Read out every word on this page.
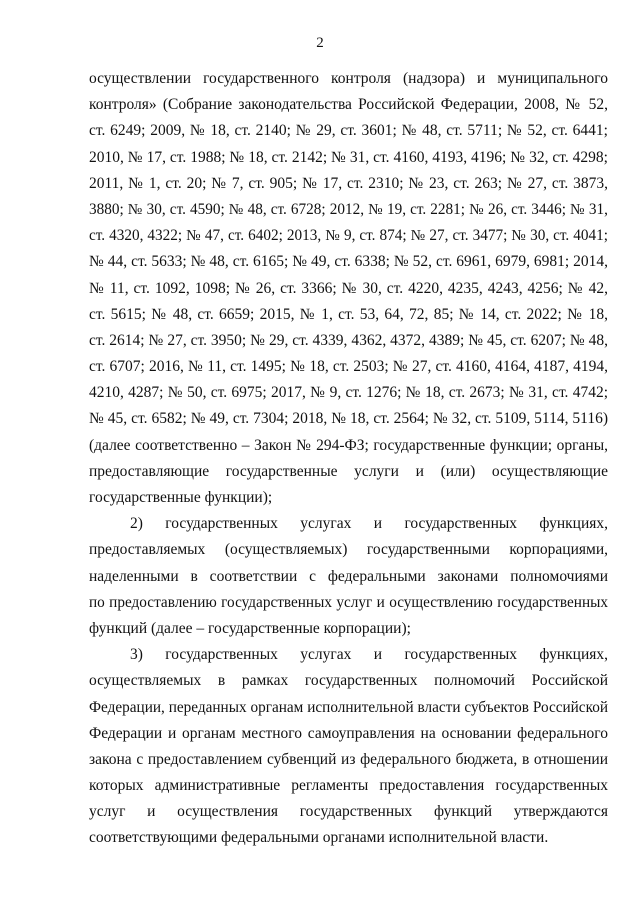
2
осуществлении государственного контроля (надзора) и муниципального
контроля» (Собрание законодательства Российской Федерации, 2008, № 52,
ст. 6249; 2009, № 18, ст. 2140; № 29, ст. 3601; № 48, ст. 5711; № 52, ст. 6441;
2010, № 17, ст. 1988; № 18, ст. 2142; № 31, ст. 4160, 4193, 4196; № 32, ст. 4298;
2011, № 1, ст. 20; № 7, ст. 905; № 17, ст. 2310; № 23, ст. 263; № 27, ст. 3873,
3880; № 30, ст. 4590; № 48, ст. 6728; 2012, № 19, ст. 2281; № 26, ст. 3446; № 31,
ст. 4320, 4322; № 47, ст. 6402; 2013, № 9, ст. 874; № 27, ст. 3477; № 30, ст. 4041;
№ 44, ст. 5633; № 48, ст. 6165; № 49, ст. 6338; № 52, ст. 6961, 6979, 6981; 2014,
№ 11, ст. 1092, 1098; № 26, ст. 3366; № 30, ст. 4220, 4235, 4243, 4256; № 42,
ст. 5615; № 48, ст. 6659; 2015, № 1, ст. 53, 64, 72, 85; № 14, ст. 2022; № 18,
ст. 2614; № 27, ст. 3950; № 29, ст. 4339, 4362, 4372, 4389; № 45, ст. 6207; № 48,
ст. 6707; 2016, № 11, ст. 1495; № 18, ст. 2503; № 27, ст. 4160, 4164, 4187, 4194,
4210, 4287; № 50, ст. 6975; 2017, № 9, ст. 1276; № 18, ст. 2673; № 31, ст. 4742;
№ 45, ст. 6582; № 49, ст. 7304; 2018, № 18, ст. 2564; № 32, ст. 5109, 5114, 5116)
(далее соответственно – Закон № 294-ФЗ; государственные функции; органы,
предоставляющие государственные услуги и (или) осуществляющие
государственные функции);
2) государственных услугах и государственных функциях,
предоставляемых (осуществляемых) государственными корпорациями,
наделенными в соответствии с федеральными законами полномочиями
по предоставлению государственных услуг и осуществлению государственных
функций (далее – государственные корпорации);
3) государственных услугах и государственных функциях,
осуществляемых в рамках государственных полномочий Российской
Федерации, переданных органам исполнительной власти субъектов Российской
Федерации и органам местного самоуправления на основании федерального
закона с предоставлением субвенций из федерального бюджета, в отношении
которых административные регламенты предоставления государственных
услуг и осуществления государственных функций утверждаются
соответствующими федеральными органами исполнительной власти.
